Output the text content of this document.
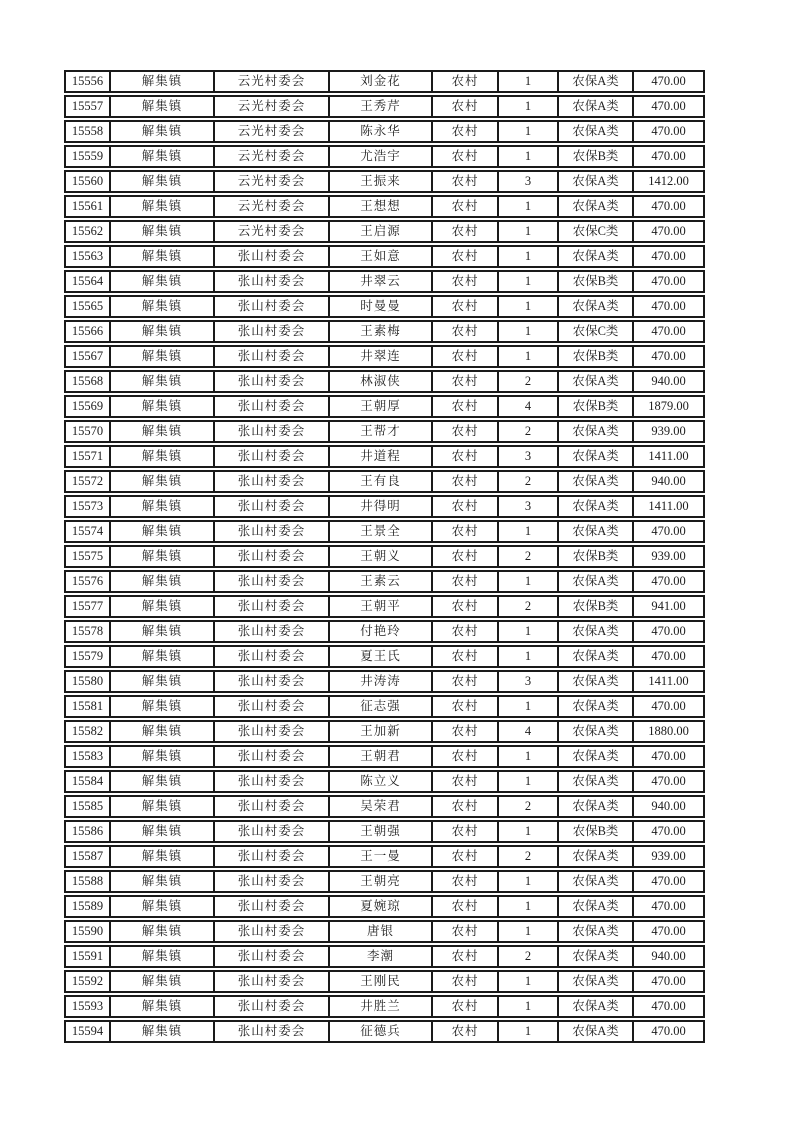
15556	解集镇	云光村委会	刘金花	农村	1	农保A类	470.00
15557	解集镇	云光村委会	王秀芹	农村	1	农保A类	470.00
15558	解集镇	云光村委会	陈永华	农村	1	农保A类	470.00
15559	解集镇	云光村委会	尤浩宇	农村	1	农保B类	470.00
15560	解集镇	云光村委会	王振来	农村	3	农保A类	1412.00
15561	解集镇	云光村委会	王想想	农村	1	农保A类	470.00
15562	解集镇	云光村委会	王启源	农村	1	农保C类	470.00
15563	解集镇	张山村委会	王如意	农村	1	农保A类	470.00
15564	解集镇	张山村委会	井翠云	农村	1	农保B类	470.00
15565	解集镇	张山村委会	时曼曼	农村	1	农保A类	470.00
15566	解集镇	张山村委会	王素梅	农村	1	农保C类	470.00
15567	解集镇	张山村委会	井翠连	农村	1	农保B类	470.00
15568	解集镇	张山村委会	林淑侠	农村	2	农保A类	940.00
15569	解集镇	张山村委会	王朝厚	农村	4	农保B类	1879.00
15570	解集镇	张山村委会	王帮才	农村	2	农保A类	939.00
15571	解集镇	张山村委会	井道程	农村	3	农保A类	1411.00
15572	解集镇	张山村委会	王有良	农村	2	农保A类	940.00
15573	解集镇	张山村委会	井得明	农村	3	农保A类	1411.00
15574	解集镇	张山村委会	王景全	农村	1	农保A类	470.00
15575	解集镇	张山村委会	王朝义	农村	2	农保B类	939.00
15576	解集镇	张山村委会	王素云	农村	1	农保A类	470.00
15577	解集镇	张山村委会	王朝平	农村	2	农保B类	941.00
15578	解集镇	张山村委会	付艳玲	农村	1	农保A类	470.00
15579	解集镇	张山村委会	夏王氏	农村	1	农保A类	470.00
15580	解集镇	张山村委会	井涛涛	农村	3	农保A类	1411.00
15581	解集镇	张山村委会	征志强	农村	1	农保A类	470.00
15582	解集镇	张山村委会	王加新	农村	4	农保A类	1880.00
15583	解集镇	张山村委会	王朝君	农村	1	农保A类	470.00
15584	解集镇	张山村委会	陈立义	农村	1	农保A类	470.00
15585	解集镇	张山村委会	吴荣君	农村	2	农保A类	940.00
15586	解集镇	张山村委会	王朝强	农村	1	农保B类	470.00
15587	解集镇	张山村委会	王一曼	农村	2	农保A类	939.00
15588	解集镇	张山村委会	王朝亮	农村	1	农保A类	470.00
15589	解集镇	张山村委会	夏婉琼	农村	1	农保A类	470.00
15590	解集镇	张山村委会	唐银	农村	1	农保A类	470.00
15591	解集镇	张山村委会	李潮	农村	2	农保A类	940.00
15592	解集镇	张山村委会	王刚民	农村	1	农保A类	470.00
15593	解集镇	张山村委会	井胜兰	农村	1	农保A类	470.00
15594	解集镇	张山村委会	征德兵	农村	1	农保A类	470.00
